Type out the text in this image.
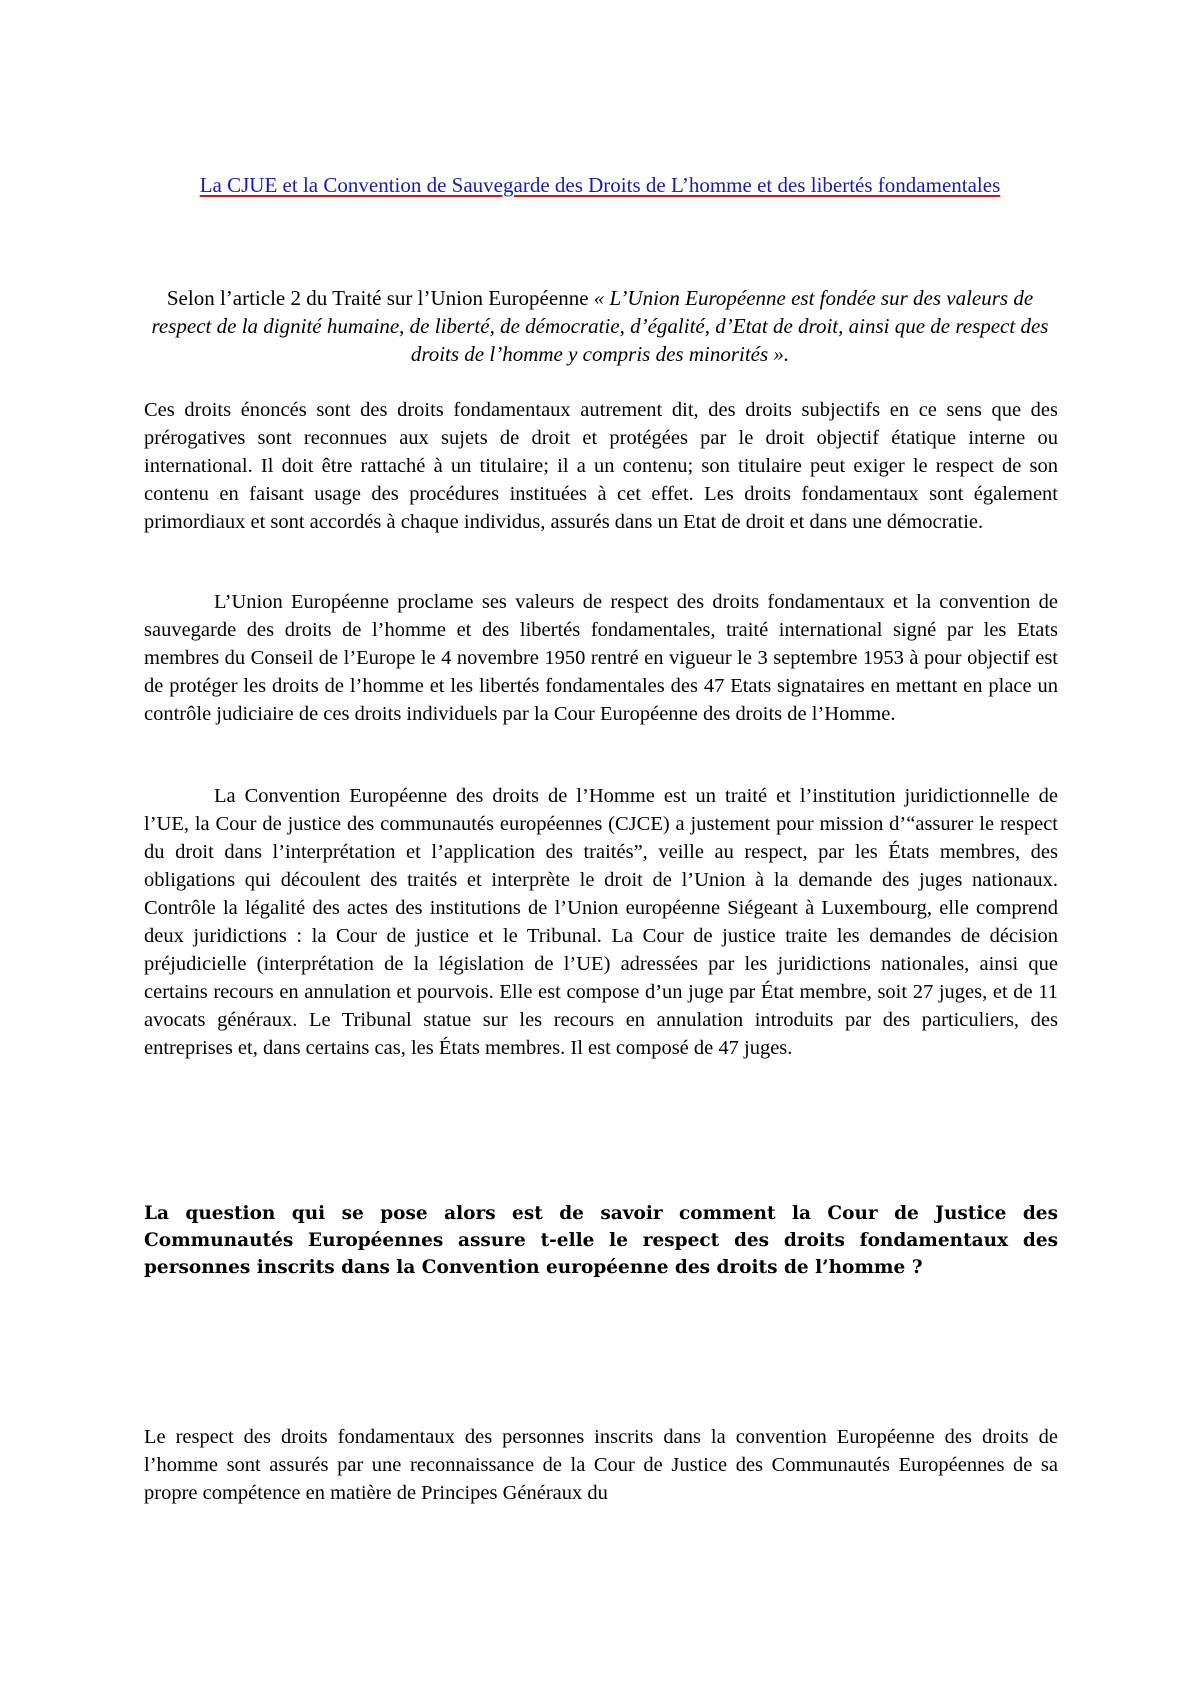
La CJUE et la Convention de Sauvegarde des Droits de L’homme et des libertés fondamentales

Selon l’article 2 du Traité sur l’Union Européenne « L’Union Européenne est fondée sur des valeurs de respect de la dignité humaine, de liberté, de démocratie, d’égalité, d’Etat de droit, ainsi que de respect des droits de l’homme y compris des minorités ».

Ces droits énoncés sont des droits fondamentaux autrement dit, des droits subjectifs en ce sens que des prérogatives sont reconnues aux sujets de droit et protégées par le droit objectif étatique interne ou international. Il doit être rattaché à un titulaire; il a un contenu; son titulaire peut exiger le respect de son contenu en faisant usage des procédures instituées à cet effet. Les droits fondamentaux sont également primordiaux et sont accordés à chaque individus, assurés dans un Etat de droit et dans une démocratie.

L’Union Européenne proclame ses valeurs de respect des droits fondamentaux et la convention de sauvegarde des droits de l’homme et des libertés fondamentales, traité international signé par les Etats membres du Conseil de l’Europe le 4 novembre 1950 rentré en vigueur le 3 septembre 1953 à pour objectif est de protéger les droits de l’homme et les libertés fondamentales des 47 Etats signataires en mettant en place un contrôle judiciaire de ces droits individuels par la Cour Européenne des droits de l’Homme.

La Convention Européenne des droits de l’Homme est un traité et l’institution juridictionnelle de l’UE, la Cour de justice des communautés européennes (CJCE) a justement pour mission d’“assurer le respect du droit dans l’interprétation et l’application des traités”, veille au respect, par les États membres, des obligations qui découlent des traités et interprète le droit de l’Union à la demande des juges nationaux. Contrôle la légalité des actes des institutions de l’Union européenne Siégeant à Luxembourg, elle comprend deux juridictions : la Cour de justice et le Tribunal. La Cour de justice traite les demandes de décision préjudicielle (interprétation de la législation de l’UE) adressées par les juridictions nationales, ainsi que certains recours en annulation et pourvois. Elle est compose d’un juge par État membre, soit 27 juges, et de 11 avocats généraux. Le Tribunal statue sur les recours en annulation introduits par des particuliers, des entreprises et, dans certains cas, les États membres. Il est composé de 47 juges.

La question qui se pose alors est de savoir comment la Cour de Justice des Communautés Européennes assure t-elle le respect des droits fondamentaux des personnes inscrits dans la Convention européenne des droits de l’homme ?

Le respect des droits fondamentaux des personnes inscrits dans la convention Européenne des droits de l’homme sont assurés par une reconnaissance de la Cour de Justice des Communautés Européennes de sa propre compétence en matière de Principes Généraux du
